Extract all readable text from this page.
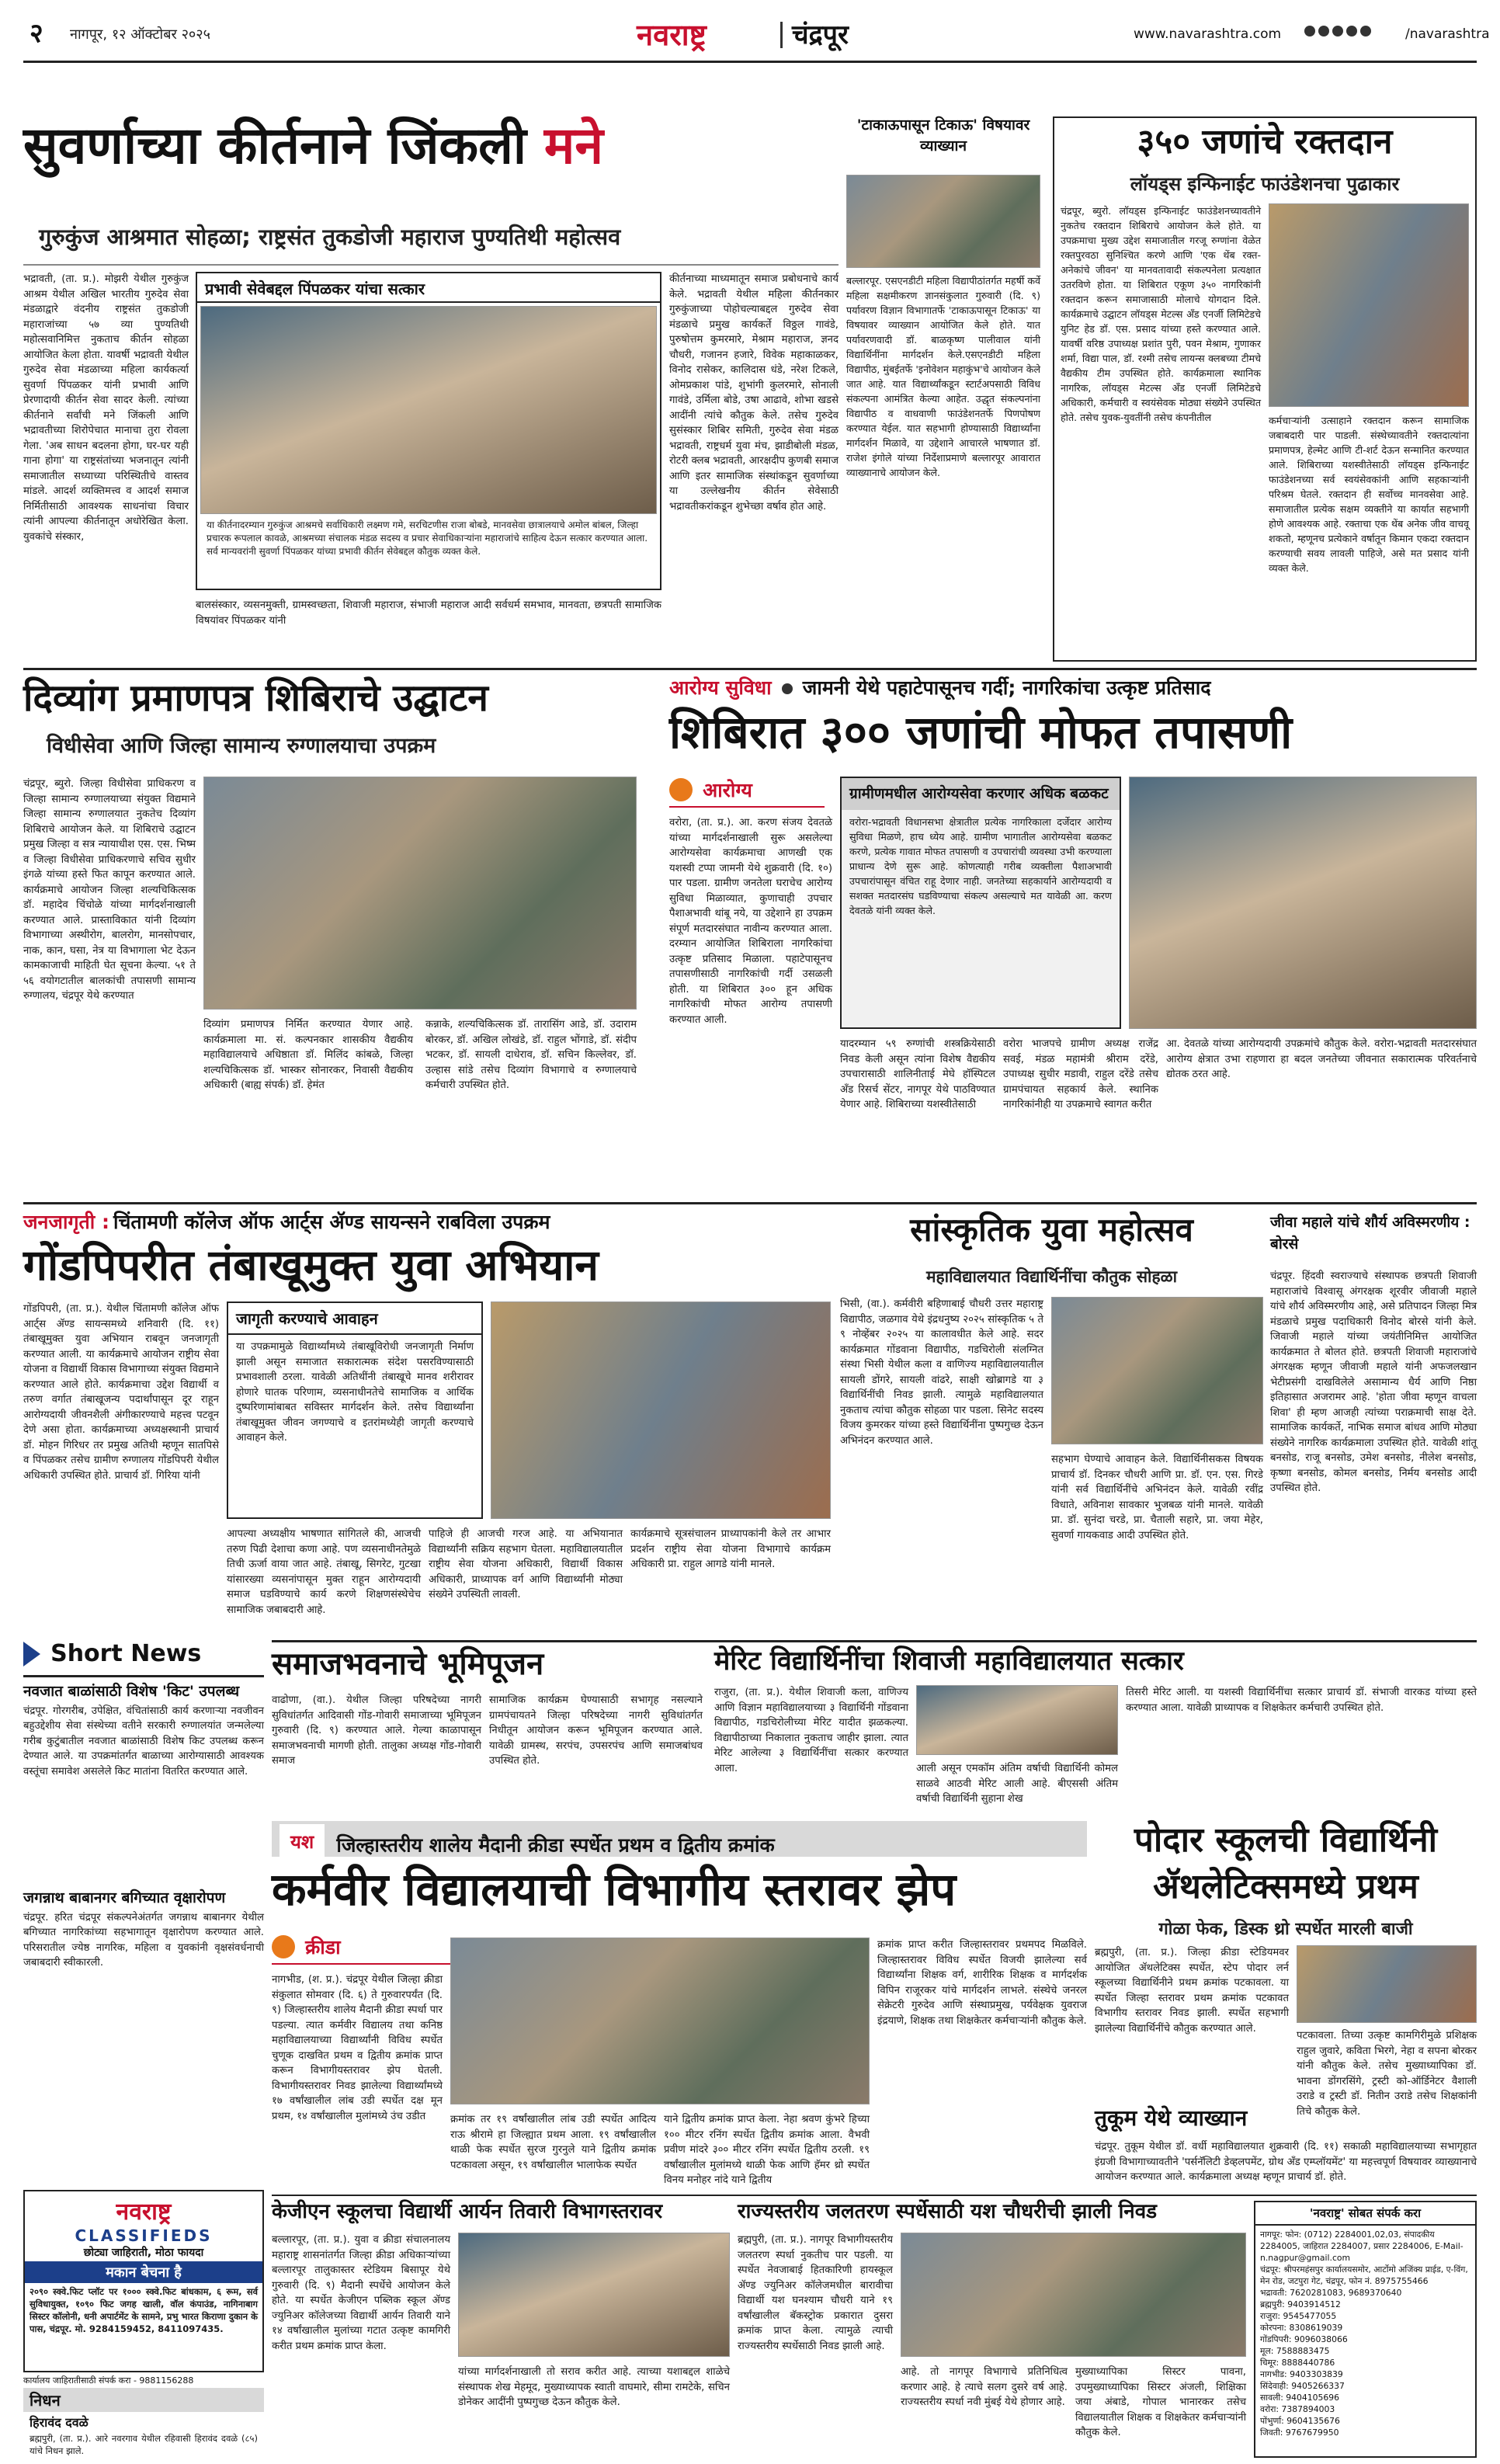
२ नागपूर, १२ ऑक्टोबर २०२५	नवराष्ट्र	चंद्रपूर	www.navarashtra.com	/navarashtra
सुवर्णाच्या कीर्तनाने जिंकली मने
गुरुकुंज आश्रमात सोहळा; राष्ट्रसंत तुकडोजी महाराज पुण्यतिथी महोत्सव
भद्रावती, (ता. प्र.). मोझरी येथील गुरुकुंज आश्रम येथील अखिल भारतीय गुरुदेव सेवा मंडळाद्वारे वंदनीय राष्ट्रसंत तुकडोजी महाराजांच्या ५७ व्या पुण्यतिथी महोत्सवानिमित्त नुकताच कीर्तन सोहळा आयोजित केला होता. यावर्षी भद्रावती येथील गुरुदेव सेवा मंडळाच्या महिला कार्यकर्त्या सुवर्णा पिंपळकर यांनी प्रभावी आणि प्रेरणादायी कीर्तन सेवा सादर केली. त्यांच्या कीर्तनाने सर्वांची मने जिंकली आणि भद्रावतीच्या शिरोपेचात मानाचा तुरा रोवला गेला. 'अब साधन बदलना होगा, घर-घर यही गाना होगा' या राष्ट्रसंतांच्या भजनातून त्यांनी समाजातील सध्याच्या परिस्थितीचे वास्तव मांडले. आदर्श व्यक्तिमत्त्व व आदर्श समाज निर्मितीसाठी आवश्यक साधनांचा विचार त्यांनी आपल्या कीर्तनातून अधोरेखित केला. युवकांचे संस्कार,
प्रभावी सेवेबद्दल पिंपळकर यांचा सत्कार
या कीर्तनादरम्यान गुरुकुंज आश्रमचे सर्वाधिकारी लक्ष्मण गमे, सरचिटणीस राजा बोबडे, मानवसेवा छात्रालयाचे अमोल बांबल, जिल्हा प्रचारक रूपलाल कावळे, आश्रमच्या संचालक मंडळ सदस्य व प्रचार सेवाधिकाऱ्यांना महाराजांचे साहित्य देऊन सत्कार करण्यात आला. सर्व मान्यवरांनी सुवर्णा पिंपळकर यांच्या प्रभावी कीर्तन सेवेबद्दल कौतुक व्यक्त केले.
बालसंस्कार, व्यसनमुक्ती, ग्रामस्वच्छता, शिवाजी महाराज, संभाजी महाराज आदी सर्वधर्म समभाव, मानवता, छत्रपती सामाजिक विषयांवर पिंपळकर यांनी
कीर्तनाच्या माध्यमातून समाज प्रबोधनाचे कार्य केले. भद्रावती येथील महिला कीर्तनकार गुरुकुंजाच्या पोहोचल्याबद्दल गुरुदेव सेवा मंडळाचे प्रमुख कार्यकर्ते विठ्ठल गावंडे, पुरुषोत्तम कुमरमारे, मेश्राम महाराज, ज्ञनद चौधरी, गजानन हजारे, विवेक महाकाळकर, विनोद रासेकर, कालिदास धंडे, नरेश टिकले, ओमप्रकाश पांडे, शुभांगी कुलरमारे, सोनाली गावंडे, उर्मिला बोडे, उषा आढावे, शोभा खडसे आदींनी त्यांचे कौतुक केले. तसेच गुरुदेव सुसंस्कार शिबिर समिती, गुरुदेव सेवा मंडळ भद्रावती, राष्ट्रधर्म युवा मंच, झाडीबोली मंडळ, रोटरी क्लब भद्रावती, आरक्षदीप कुणबी समाज आणि इतर सामाजिक संस्थांकडून सुवर्णाच्या या उल्लेखनीय कीर्तन सेवेसाठी भद्रावतीकरांकडून शुभेच्छा वर्षाव होत आहे.
'टाकाऊपासून टिकाऊ' विषयावर व्याख्यान
बल्लारपूर. एसएनडीटी महिला विद्यापीठांतर्गत महर्षी कर्वे महिला सक्षमीकरण ज्ञानसंकुलात गुरुवारी (दि. ९) पर्यावरण विज्ञान विभागातर्फे 'टाकाऊपासून टिकाऊ' या विषयावर व्याख्यान आयोजित केले होते. यात पर्यावरणवादी डॉ. बाळकृष्ण पालीवाल यांनी विद्यार्थिनींना मार्गदर्शन केले.एसएनडीटी महिला विद्यापीठ, मुंबईतर्फे 'इनोवेशन महाकुंभ'चे आयोजन केले जात आहे. यात विद्यार्थ्यांकडून स्टार्टअपसाठी विविध संकल्पना आमंत्रित केल्या आहेत. उद्धृत संकल्पनांना विद्यापीठ व वाधवाणी फाउंडेशनतर्फे पिणपोषण करण्यात येईल. यात सहभागी होण्यासाठी विद्यार्थ्यांना मार्गदर्शन मिळावे, या उद्देशाने आचारले भाषणात डॉ. राजेश इंगोले यांच्या निर्देशाप्रमाणे बल्लारपूर आवारात व्याख्यानाचे आयोजन केले.
३५० जणांचे रक्तदान
लॉयड्स इन्फिनाईट फाउंडेशनचा पुढाकार
चंद्रपूर, ब्युरो. लॉयड्स इन्फिनाईट फाउंडेशनच्यावतीने नुकतेच रक्तदान शिबिराचे आयोजन केले होते. या उपक्रमाचा मुख्य उद्देश समाजातील गरजू रुग्णांना वेळेत रक्तपुरवठा सुनिश्चित करणे आणि 'एक थेंब रक्त-अनेकांचे जीवन' या मानवतावादी संकल्पनेला प्रत्यक्षात उतरविणे होता. या शिबिरात एकूण ३५० नागरिकांनी रक्तदान करून समाजासाठी मोलाचे योगदान दिले. कार्यक्रमाचे उद्घाटन लॉयड्स मेटल्स अँड एनर्जी लिमिटेडचे युनिट हेड डॉ. एस. प्रसाद यांच्या हस्ते करण्यात आले. यावर्षी वरिष्ठ उपाध्यक्ष प्रशांत पुरी, पवन मेश्राम, गुणाकर शर्मा, विद्या पाल, डॉ. रश्मी तसेच लायन्स क्लबच्या टीमचे वैद्यकीय टीम उपस्थित होते. कार्यक्रमाला स्थानिक नागरिक, लॉयड्स मेटल्स अँड एनर्जी लिमिटेडचे अधिकारी, कर्मचारी व स्वयंसेवक मोठ्या संख्येने उपस्थित होते. तसेच युवक-युवतींनी तसेच कंपनीतील	कर्मचाऱ्यांनी उत्साहाने रक्तदान करून सामाजिक जबाबदारी पार पाडली. संस्थेच्यावतीने रक्तदात्यांना प्रमाणपत्र, हेल्मेट आणि टी-शर्ट देऊन सन्मानित करण्यात आले. शिबिराच्या यशस्वीतेसाठी लॉयड्स इन्फिनाईट फाउंडेशनच्या सर्व स्वयंसेवकांनी आणि सहकाऱ्यांनी परिश्रम घेतले. रक्तदान ही सर्वोच्च मानवसेवा आहे. समाजातील प्रत्येक सक्षम व्यक्तीने या कार्यात सहभागी होणे आवश्यक आहे. रक्ताचा एक थेंब अनेक जीव वाचवू शकतो, म्हणूनच प्रत्येकाने वर्षातून किमान एकदा रक्तदान करण्याची सवय लावली पाहिजे, असे मत प्रसाद यांनी व्यक्त केले.
दिव्यांग प्रमाणपत्र शिबिराचे उद्घाटन
विधीसेवा आणि जिल्हा सामान्य रुग्णालयाचा उपक्रम
चंद्रपूर, ब्युरो. जिल्हा विधीसेवा प्राधिकरण व जिल्हा सामान्य रुग्णालयाच्या संयुक्त विद्यमाने जिल्हा सामान्य रुग्णालयात नुकतेच दिव्यांग शिबिराचे आयोजन केले. या शिबिराचे उद्घाटन प्रमुख जिल्हा व सत्र न्यायाधीश एस. एस. भिष्म व जिल्हा विधीसेवा प्राधिकरणाचे सचिव सुधीर इंगळे यांच्या हस्ते फित कापून करण्यात आले. कार्यक्रमाचे आयोजन जिल्हा शल्यचिकित्सक डॉ. महादेव चिंचोळे यांच्या मार्गदर्शनाखाली करण्यात आले. प्रास्ताविकात यांनी दिव्यांग विभागाच्या अस्थीरोग, बालरोग, मानसोपचार, नाक, कान, घसा, नेत्र या विभागाला भेट देऊन कामकाजाची माहिती घेत सूचना केल्या. ५१ ते ५६ वयोगटातील बालकांची तपासणी सामान्य रुग्णालय, चंद्रपूर येथे करण्यात
दिव्यांग प्रमाणपत्र निर्मित करण्यात येणार आहे. कार्यक्रमाला मा. सं. कल्पनकार शासकीय वैद्यकीय महाविद्यालयाचे अधिष्ठाता डॉ. मिलिंद कांबळे, जिल्हा शल्यचिकित्सक डॉ. भास्कर सोनारकर, निवासी वैद्यकीय अधिकारी (बाह्य संपर्क) डॉ. हेमंत
कन्नाके, शल्यचिकित्सक डॉ. तारासिंग आडे, डॉ. उदाराम बोरकर, डॉ. अखिल लोखंडे, डॉ. राहुल भोंगाडे, डॉ. संदीप भटकर, डॉ. सायली दाधेराव, डॉ. सचिन किल्लेवर, डॉ. उल्हास सांडे तसेच दिव्यांग विभागाचे व रुग्णालयाचे कर्मचारी उपस्थित होते.
आरोग्य सुविधा जामनी येथे पहाटेपासूनच गर्दी; नागरिकांचा उत्कृष्ट प्रतिसाद
शिबिरात ३०० जणांची मोफत तपासणी
आरोग्य
वरोरा, (ता. प्र.). आ. करण संजय देवतळे यांच्या मार्गदर्शनाखाली सुरू असलेल्या आरोग्यसेवा कार्यक्रमाचा आणखी एक यशस्वी टप्पा जामनी येथे शुक्रवारी (दि. १०) पार पडला. ग्रामीण जनतेला घराचेच आरोग्य सुविधा मिळाव्यात, कुणाचाही उपचार पैशाअभावी थांबू नये, या उद्देशाने हा उपक्रम संपूर्ण मतदारसंघात नावीन्य करण्यात आला. दरम्यान आयोजित शिबिराला नागरिकांचा उत्कृष्ट प्रतिसाद मिळाला. पहाटेपासूनच तपासणीसाठी नागरिकांची गर्दी उसळली होती. या शिबिरात ३०० हून अधिक नागरिकांची मोफत आरोग्य तपासणी करण्यात आली.
ग्रामीणमधील आरोग्यसेवा करणार अधिक बळकट
वरोरा-भद्रावती विधानसभा क्षेत्रातील प्रत्येक नागरिकाला दर्जेदार आरोग्य सुविधा मिळणे, हाच ध्येय आहे. ग्रामीण भागातील आरोग्यसेवा बळकट करणे, प्रत्येक गावात मोफत तपासणी व उपचारांची व्यवस्था उभी करण्याला प्राधान्य देणे सुरू आहे. कोणत्याही गरीब व्यक्तीला पैशाअभावी उपचारांपासून वंचित राहू देणार नाही. जनतेच्या सहकार्याने आरोग्यदायी व सशक्त मतदारसंघ घडविण्याचा संकल्प असल्याचे मत यावेळी आ. करण देवतळे यांनी व्यक्त केले.
यादरम्यान ५९ रुग्णांची शस्त्रक्रियेसाठी निवड केली असून त्यांना विशेष वैद्यकीय उपचारासाठी शालिनीताई मेघे हॉस्पिटल अँड रिसर्च सेंटर, नागपूर येथे पाठविण्यात येणार आहे. शिबिराच्या यशस्वीतेसाठी
वरोरा भाजपचे ग्रामीण अध्यक्ष राजेंद्र सवई, मंडळ महामंत्री श्रीराम दरेंडे, उपाध्यक्ष सुधीर मडावी, राहुल दरेंडे तसेच ग्रामपंचायत सहकार्य केले. स्थानिक नागरिकांनीही या उपक्रमाचे स्वागत करीत
आ. देवतळे यांच्या आरोग्यदायी उपक्रमांचे कौतुक केले. वरोरा-भद्रावती मतदारसंघात आरोग्य क्षेत्रात उभा राहणारा हा बदल जनतेच्या जीवनात सकारात्मक परिवर्तनाचे द्योतक ठरत आहे.
जनजागृती : चिंतामणी कॉलेज ऑफ आर्ट्स ॲण्ड सायन्सने राबविला उपक्रम
गोंडपिपरीत तंबाखूमुक्त युवा अभियान
गोंडपिपरी, (ता. प्र.). येथील चिंतामणी कॉलेज ऑफ आर्ट्स ॲण्ड सायन्समध्ये शनिवारी (दि. ११) तंबाखूमुक्त युवा अभियान राबवून जनजागृती करण्यात आली. या कार्यक्रमाचे आयोजन राष्ट्रीय सेवा योजना व विद्यार्थी विकास विभागाच्या संयुक्त विद्यमाने करण्यात आले होते. कार्यक्रमाचा उद्देश विद्यार्थी व तरुण वर्गात तंबाखूजन्य पदार्थांपासून दूर राहून आरोग्यदायी जीवनशैली अंगीकारण्याचे महत्त्व पटवून देणे असा होता. कार्यक्रमाच्या अध्यक्षस्थानी प्राचार्य डॉ. मोहन गिरिधर तर प्रमुख अतिथी म्हणून सातपिसे व पिंपळकर तसेच ग्रामीण रुग्णालय गोंडपिपरी येथील अधिकारी उपस्थित होते. प्राचार्य डॉ. गिरिया यांनी
जागृती करण्याचे आवाहन
या उपक्रमामुळे विद्यार्थ्यांमध्ये तंबाखूविरोधी जनजागृती निर्माण झाली असून समाजात सकारात्मक संदेश पसरविण्यासाठी प्रभावशाली ठरला. यावेळी अतिथींनी तंबाखूचे मानव शरीरावर होणारे घातक परिणाम, व्यसनाधीनतेचे सामाजिक व आर्थिक दुष्परिणामांबाबत सविस्तर मार्गदर्शन केले. तसेच विद्यार्थ्यांना तंबाखूमुक्त जीवन जगण्याचे व इतरांमध्येही जागृती करण्याचे आवाहन केले.
आपल्या अध्यक्षीय भाषणात सांगितले की, आजची तरुण पिढी देशाचा कणा आहे. पण व्यसनाधीनतेमुळे तिची ऊर्जा वाया जात आहे. तंबाखू, सिगरेट, गुटखा यांसारख्या व्यसनांपासून मुक्त राहून आरोग्यदायी समाज घडविण्याचे कार्य करणे शिक्षणसंस्थेचेच सामाजिक जबाबदारी आहे.
पाहिजे ही आजची गरज आहे. या अभियानात विद्यार्थ्यांनी सक्रिय सहभाग घेतला. महाविद्यालयातील राष्ट्रीय सेवा योजना अधिकारी, विद्यार्थी विकास अधिकारी, प्राध्यापक वर्ग आणि विद्यार्थ्यांनी मोठ्या संख्येने उपस्थिती लावली.
कार्यक्रमाचे सूत्रसंचालन प्राध्यापकांनी केले तर आभार प्रदर्शन राष्ट्रीय सेवा योजना विभागाचे कार्यक्रम अधिकारी प्रा. राहुल आगडे यांनी मानले.
सांस्कृतिक युवा महोत्सव
महाविद्यालयात विद्यार्थिनींचा कौतुक सोहळा
भिसी, (वा.). कर्मवीरी बहिणाबाई चौधरी उत्तर महाराष्ट्र विद्यापीठ, जळगाव येथे इंद्रधनुष्य २०२५ सांस्कृतिक ५ ते ९ नोव्हेंबर २०२५ या कालावधीत केले आहे. सदर कार्यक्रमात गोंडवाना विद्यापीठ, गडचिरोली संलग्नित संस्था भिसी येथील कला व वाणिज्य महाविद्यालयातील सायली डोंगरे, सायली वांढरे, साक्षी खोब्रागडे या ३ विद्यार्थिनींची निवड झाली. त्यामुळे महाविद्यालयात नुकताच त्यांचा कौतुक सोहळा पार पडला. सिनेट सदस्य विजय कुमरकर यांच्या हस्ते विद्यार्थिनींना पुष्पगुच्छ देऊन अभिनंदन करण्यात आले.
सहभाग घेण्याचे आवाहन केले. विद्यार्थिनीसकस विषयक प्राचार्य डॉ. दिनकर चौधरी आणि प्रा. डॉ. एन. एस. गिरडे यांनी सर्व विद्यार्थिनींचे अभिनंदन केले. यावेळी रवींद्र विधाते, अविनाश सावकार भुजबळ यांनी मानले. यावेळी प्रा. डॉ. सुनंदा चरडे, प्रा. चैताली सहारे, प्रा. जया मेहेर, सुवर्णा गायकवाड आदी उपस्थित होते.
जीवा महाले यांचे शौर्य अविस्मरणीय : बोरसे
चंद्रपूर. हिंदवी स्वराज्याचे संस्थापक छत्रपती शिवाजी महाराजांचे विश्वासू अंगरक्षक शूरवीर जीवाजी महाले यांचे शौर्य अविस्मरणीय आहे, असे प्रतिपादन जिल्हा मित्र मंडळाचे प्रमुख पदाधिकारी विनोद बोरसे यांनी केले. जिवाजी महाले यांच्या जयंतीनिमित्त आयोजित कार्यक्रमात ते बोलत होते. छत्रपती शिवाजी महाराजांचे अंगरक्षक म्हणून जीवाजी महाले यांनी अफजलखान भेटीप्रसंगी दाखविलेले असामान्य धैर्य आणि निष्ठा इतिहासात अजरामर आहे. 'होता जीवा म्हणून वाचला शिवा' ही म्हण आजही त्यांच्या पराक्रमाची साक्ष देते. सामाजिक कार्यकर्ते, नाभिक समाज बांधव आणि मोठ्या संख्येने नागरिक कार्यक्रमाला उपस्थित होते. यावेळी शांतू बनसोड, राजू बनसोड, उमेश बनसोड, नीलेश बनसोड, कृष्णा बनसोड, कोमल बनसोड, निर्मय बनसोड आदी उपस्थित होते.
Short News
नवजात बाळांसाठी विशेष 'किट' उपलब्ध
चंद्रपूर. गोरगरीब, उपेक्षित, वंचितांसाठी कार्य करणाऱ्या नवजीवन बहुउद्देशीय सेवा संस्थेच्या वतीने सरकारी रुग्णालयांत जन्मलेल्या गरीब कुटुंबातील नवजात बाळांसाठी विशेष किट उपलब्ध करून देण्यात आले. या उपक्रमांतर्गत बाळाच्या आरोग्यासाठी आवश्यक वस्तूंचा समावेश असलेले किट मातांना वितरित करण्यात आले.
जगन्नाथ बाबानगर बगिच्यात वृक्षारोपण
चंद्रपूर. हरित चंद्रपूर संकल्पनेअंतर्गत जगन्नाथ बाबानगर येथील बगिच्यात नागरिकांच्या सहभागातून वृक्षारोपण करण्यात आले. परिसरातील ज्येष्ठ नागरिक, महिला व युवकांनी वृक्षसंवर्धनाची जबाबदारी स्वीकारली.
नवराष्ट्र
CLASSIFIEDS
छोट्या जाहिराती, मोठा फायदा
मकान बेचना है
२०९० स्क्वे.फिट प्लॉट पर १००० स्क्वे.फिट बांधकाम, ६ रूम, सर्व सुविधायुक्त, १०९० फिट जगह खाली, वॉल कंपाउंड, नागिनाबाग सिस्टर कॉलोनी, धनी अपार्टमेंट के सामने, प्रभु भारत किराणा दुकान के पास, चंद्रपूर. मो. 9284159452, 8411097435.
कार्यालय जाहिरातीसाठी संपर्क करा - 9881156288
निधन
हिरावंद दवळे
ब्रह्मपुरी, (ता. प्र.). आरे नवरगाव येथील रहिवासी हिरावंद दवळे (८५) यांचे निधन झाले.
समाजभवनाचे भूमिपूजन
वाढोणा, (वा.). येथील जिल्हा परिषदेच्या नागरी सुविधांतर्गत आदिवासी गोंड-गोवारी समाजाच्या भूमिपूजन गुरुवारी (दि. ९) करण्यात आले. गेल्या काळापासून समाजभवनाची मागणी होती. तालुका अध्यक्ष गोंड-गोवारी समाज
सामाजिक कार्यक्रम घेण्यासाठी सभागृह नसल्याने ग्रामपंचायतने जिल्हा परिषदेच्या नागरी सुविधांतर्गत निधीतून आयोजन करून भूमिपूजन करण्यात आले. यावेळी ग्रामस्थ, सरपंच, उपसरपंच आणि समाजबांधव उपस्थित होते.
मेरिट विद्यार्थिनींचा शिवाजी महाविद्यालयात सत्कार
राजुरा, (ता. प्र.). येथील शिवाजी कला, वाणिज्य आणि विज्ञान महाविद्यालयाच्या ३ विद्यार्थिनी गोंडवाना विद्यापीठ, गडचिरोलीच्या मेरिट यादीत झळकल्या. विद्यापीठाच्या निकालात नुकताच जाहीर झाला. त्यात मेरिट आलेल्या ३ विद्यार्थिनींचा सत्कार करण्यात आला.	आली असून एमकॉम अंतिम वर्षाची विद्यार्थिनी कोमल साळवे आठवी मेरिट आली आहे. बीएससी अंतिम वर्षाची विद्यार्थिनी सुहाना शेख
तिसरी मेरिट आली. या यशस्वी विद्यार्थिनींचा सत्कार प्राचार्य डॉ. संभाजी वारकड यांच्या हस्ते करण्यात आला. यावेळी प्राध्यापक व शिक्षकेतर कर्मचारी उपस्थित होते.
यश जिल्हास्तरीय शालेय मैदानी क्रीडा स्पर्धेत प्रथम व द्वितीय क्रमांक
कर्मवीर विद्यालयाची विभागीय स्तरावर झेप
क्रीडा
नागभीड, (श. प्र.). चंद्रपूर येथील जिल्हा क्रीडा संकुलात सोमवार (दि. ६) ते गुरुवारपर्यंत (दि. ९) जिल्हास्तरीय शालेय मैदानी क्रीडा स्पर्धा पार पडल्या. त्यात कर्मवीर विद्यालय तथा कनिष्ठ महाविद्यालयाच्या विद्यार्थ्यांनी विविध स्पर्धेत चुणूक दाखवित प्रथम व द्वितीय क्रमांक प्राप्त करून विभागीयस्तरावर झेप घेतली. विभागीयस्तरावर निवड झालेल्या विद्यार्थ्यांमध्ये १७ वर्षांखालील लांब उडी स्पर्धेत दक्ष मून प्रथम, १४ वर्षांखालील मुलांमध्ये उंच उडीत	क्रमांक तर १९ वर्षांखालील लांब उडी स्पर्धेत आदित्य राऊ श्रीरामे हा जिल्ह्यात प्रथम आला. १९ वर्षांखालील थाळी फेक स्पर्धेत सुरज गुरनुले याने द्वितीय क्रमांक पटकावला असून, १९ वर्षांखालील भालाफेक स्पर्धेत
याने द्वितीय क्रमांक प्राप्त केला. नेहा श्रवण कुंभरे हिच्या १०० मीटर रनिंग स्पर्धेत द्वितीय क्रमांक आला. वैभवी प्रवीण मांदरे ३०० मीटर रनिंग स्पर्धेत द्वितीय ठरली. १९ वर्षांखालील मुलांमध्ये थाळी फेक आणि हॅमर थ्रो स्पर्धेत विनय मनोहर नांदे याने द्वितीय
क्रमांक प्राप्त करीत जिल्हास्तरावर प्रथमपद मिळविले. जिल्हास्तरावर विविध स्पर्धेत विजयी झालेल्या सर्व विद्यार्थ्यांना शिक्षक वर्ग, शारीरिक शिक्षक व मार्गदर्शक विपिन राजूरकर यांचे मार्गदर्शन लाभले. संस्थेचे जनरल सेक्रेटरी गुरुदेव आणि संस्थाप्रमुख, पर्यवेक्षक युवराज इंद्रयाणे, शिक्षक तथा शिक्षकेतर कर्मचाऱ्यांनी कौतुक केले.
पोदार स्कूलची विद्यार्थिनी
ॲथलेटिक्समध्ये प्रथम
गोळा फेक, डिस्क थ्रो स्पर्धेत मारली बाजी
ब्रह्मपुरी, (ता. प्र.). जिल्हा क्रीडा स्टेडियमवर आयोजित ॲथलेटिक्स स्पर्धेत, स्टेप पोदार लर्न स्कूलच्या विद्यार्थिनीने प्रथम क्रमांक पटकावला. या स्पर्धेत जिल्हा स्तरावर प्रथम क्रमांक पटकावत विभागीय स्तरावर निवड झाली. स्पर्धेत सहभागी झालेल्या विद्यार्थिनींचे कौतुक करण्यात आले.
पटकावला. तिच्या उत्कृष्ट कामगिरीमुळे प्रशिक्षक राहुल जुवारे, कविता भिरगे, नेहा व सपना बोरकर यांनी कौतुक केले. तसेच मुख्याध्यापिका डॉ. भावना डोंगरसिंगे, ट्रस्टी को-ऑर्डिनेटर वैशाली उराडे व ट्रस्टी डॉ. नितीन उराडे तसेच शिक्षकांनी तिचे कौतुक केले.
तुकूम येथे व्याख्यान
चंद्रपूर. तुकूम येथील डॉ. वर्धी महाविद्यालयात शुक्रवारी (दि. ११) सकाळी महाविद्यालयाच्या सभागृहात इंग्रजी विभागाच्यावतीने 'पर्सनॅलिटी डेव्हलपमेंट, ग्रोथ अँड एम्प्लॉयमेंट' या महत्त्वपूर्ण विषयावर व्याख्यानाचे आयोजन करण्यात आले. कार्यक्रमाला अध्यक्ष म्हणून प्राचार्य डॉ. होते.
केजीएन स्कूलचा विद्यार्थी आर्यन तिवारी विभागस्तरावर
बल्लारपूर, (ता. प्र.). युवा व क्रीडा संचालनालय महाराष्ट्र शासनांतर्गत जिल्हा क्रीडा अधिकाऱ्यांच्या बल्लारपूर तालुकास्तर स्टेडियम बिसापूर येथे गुरुवारी (दि. ९) मैदानी स्पर्धेचे आयोजन केले होते. या स्पर्धेत केजीएन पब्लिक स्कूल ॲण्ड ज्युनिअर कॉलेजच्या विद्यार्थी आर्यन तिवारी याने १४ वर्षांखालील मुलांच्या गटात उत्कृष्ट कामगिरी करीत प्रथम क्रमांक प्राप्त केला.
यांच्या मार्गदर्शनाखाली तो सराव करीत आहे. त्याच्या यशाबद्दल शाळेचे संस्थापक शेख मेहमूद, मुख्याध्यापक स्वाती वाघमारे, सीमा रामटेके, सचिन डोनेकर आदींनी पुष्पगुच्छ देऊन कौतुक केले.
राज्यस्तरीय जलतरण स्पर्धेसाठी यश चौधरीची झाली निवड
ब्रह्मपुरी, (ता. प्र.). नागपूर विभागीयस्तरीय जलतरण स्पर्धा नुकतीच पार पडली. या स्पर्धेत नेवजाबाई हितकारिणी हायस्कूल ॲण्ड ज्युनिअर कॉलेजमधील बारावीचा विद्यार्थी यश घनश्याम चौधरी याने १९ वर्षांखालील बॅकस्ट्रोक प्रकारात दुसरा क्रमांक प्राप्त केला. त्यामुळे त्याची राज्यस्तरीय स्पर्धेसाठी निवड झाली आहे.
आहे. तो नागपूर विभागाचे प्रतिनिधित्व करणार आहे. हे त्याचे सलग दुसरे वर्ष आहे. राज्यस्तरीय स्पर्धा नवी मुंबई येथे होणार आहे.
मुख्याध्यापिका सिस्टर पावना, उपमुख्याध्यापिका सिस्टर अंजली, शिक्षिका जया अंबाडे, गोपाल भानारकर तसेच विद्यालयातील शिक्षक व शिक्षकेतर कर्मचाऱ्यांनी कौतुक केले.
'नवराष्ट्र' सोबत संपर्क करा
नागपूर: फोन: (0712) 2284001,02,03, संपादकीय 2284005, जाहिरात 2284007, प्रसार 2284006, E-Mail-n.nagpur@gmail.com
चंद्रपूर: श्रीपरमहंसपुर कार्यालयसमोर, आर्टोमो अजिंक्य प्राईड, ए-विंग, मेन रोड, जटपुरा गेट, चंद्रपूर, फोन नं. 8975755466
भद्रावती: 7620281083, 9689370640
ब्रह्मपुरी: 9403914512
राजुरा: 9545477055
कोरपना: 8308619039
गोंडपिपरी: 9096038066
मूल: 7588883475
चिमूर: 8888440786
नागभीड: 9403303839
सिंदेवाही: 9405266337
सावली: 9404105696
वरोरा: 7387894003
पोंभुर्णा: 9604135676
जिवती: 9767679950
